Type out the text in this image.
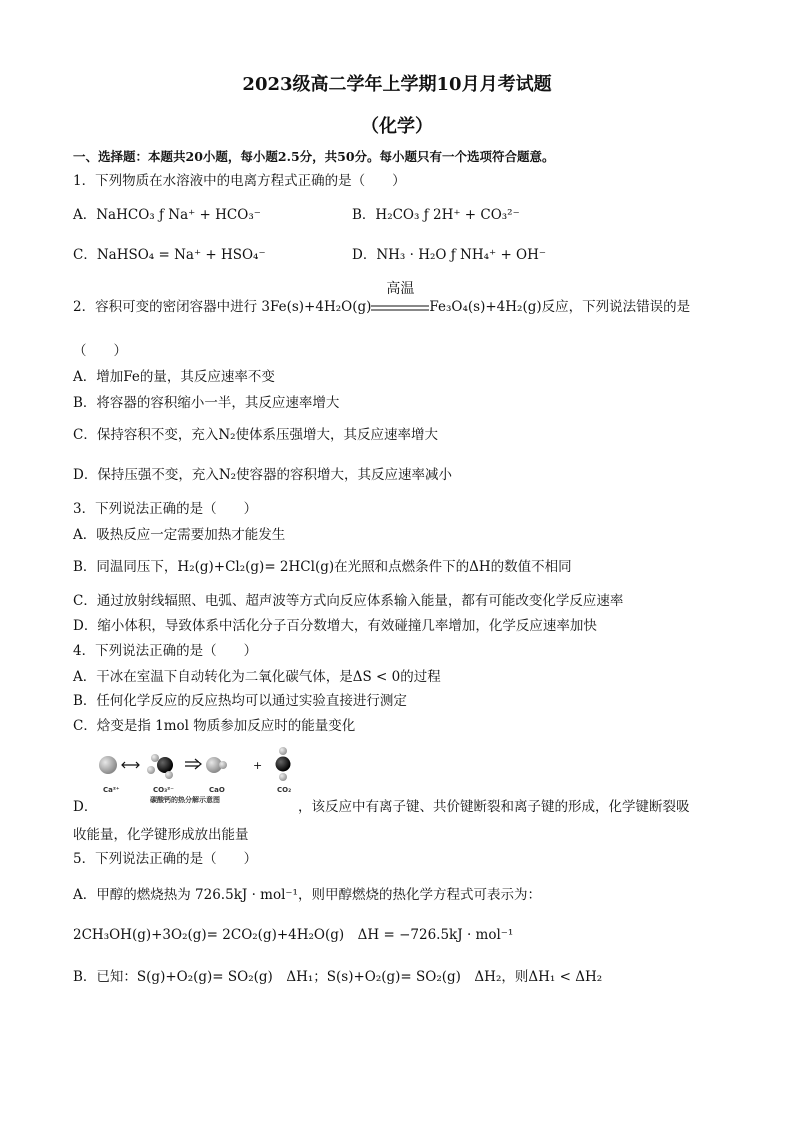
2023级高二学年上学期10月月考试题
（化学）
一、选择题：本题共20小题，每小题2.5分，共50分。每小题只有一个选项符合题意。
1．下列物质在水溶液中的电离方程式正确的是（　　）
A．NaHCO₃ ƒ Na⁺ + HCO₃⁻	B．H₂CO₃ ƒ 2H⁺ + CO₃²⁻
C．NaHSO₄ = Na⁺ + HSO₄⁻	D．NH₃ · H₂O ƒ NH₄⁺ + OH⁻
2．容积可变的密闭容器中进行 3Fe(s)+4H₂O(g)
高温
Fe₃O₄(s)+4H₂(g)反应，下列说法错误的是
（　　）
A．增加Fe的量，其反应速率不变
B．将容器的容积缩小一半，其反应速率增大
C．保持容积不变，充入N₂使体系压强增大，其反应速率增大
D．保持压强不变，充入N₂使容器的容积增大，其反应速率减小
3．下列说法正确的是（　　）
A．吸热反应一定需要加热才能发生
B．同温同压下，H₂(g)+Cl₂(g)= 2HCl(g)在光照和点燃条件下的ΔH的数值不相同
C．通过放射线辐照、电弧、超声波等方式向反应体系输入能量，都有可能改变化学反应速率
D．缩小体积，导致体系中活化分子百分数增大，有效碰撞几率增加，化学反应速率加快
4．下列说法正确的是（　　）
A．干冰在室温下自动转化为二氧化碳气体，是ΔS < 0的过程
B．任何化学反应的反应热均可以通过实验直接进行测定
C．焓变是指 1mol 物质参加反应时的能量变化
+
Ca²⁺	CO₃²⁻	CaO	CO₂
碳酸钙的热分解示意图
D．	，该反应中有离子键、共价键断裂和离子键的形成，化学键断裂吸
收能量，化学键形成放出能量
5．下列说法正确的是（　　）
A．甲醇的燃烧热为 726.5kJ · mol⁻¹，则甲醇燃烧的热化学方程式可表示为：
2CH₃OH(g)+3O₂(g)= 2CO₂(g)+4H₂O(g)　ΔH = −726.5kJ · mol⁻¹
B．已知：S(g)+O₂(g)= SO₂(g)　ΔH₁；S(s)+O₂(g)= SO₂(g)　ΔH₂，则ΔH₁ < ΔH₂
